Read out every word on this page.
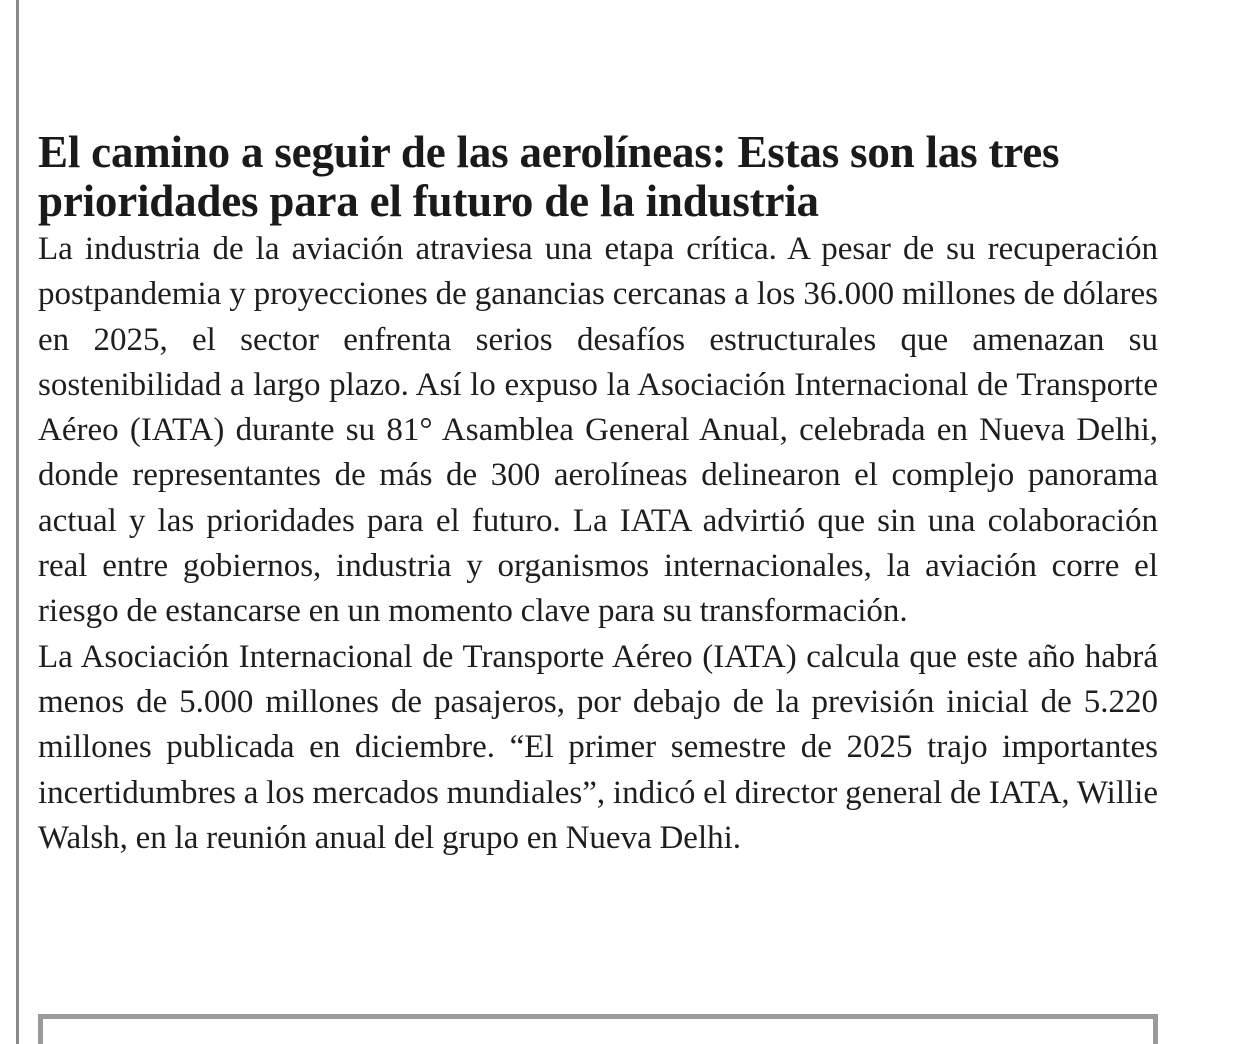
El camino a seguir de las aerolíneas: Estas son las tres prioridades para el futuro de la industria

La industria de la aviación atraviesa una etapa crítica. A pesar de su recuperación postpandemia y proyecciones de ganancias cercanas a los 36.000 millones de dólares en 2025, el sector enfrenta serios desafíos estructurales que amenazan su sostenibilidad a largo plazo. Así lo expuso la Asociación Internacional de Transporte Aéreo (IATA) durante su 81° Asamblea General Anual, celebrada en Nueva Delhi, donde representantes de más de 300 aerolíneas delinearon el complejo panorama actual y las prioridades para el futuro. La IATA advirtió que sin una colaboración real entre gobiernos, industria y organismos internacionales, la aviación corre el riesgo de estancarse en un momento clave para su transformación.

La Asociación Internacional de Transporte Aéreo (IATA) calcula que este año habrá menos de 5.000 millones de pasajeros, por debajo de la previsión inicial de 5.220 millones publicada en diciembre. “El primer semestre de 2025 trajo importantes incertidumbres a los mercados mundiales”, indicó el director general de IATA, Willie Walsh, en la reunión anual del grupo en Nueva Delhi.
